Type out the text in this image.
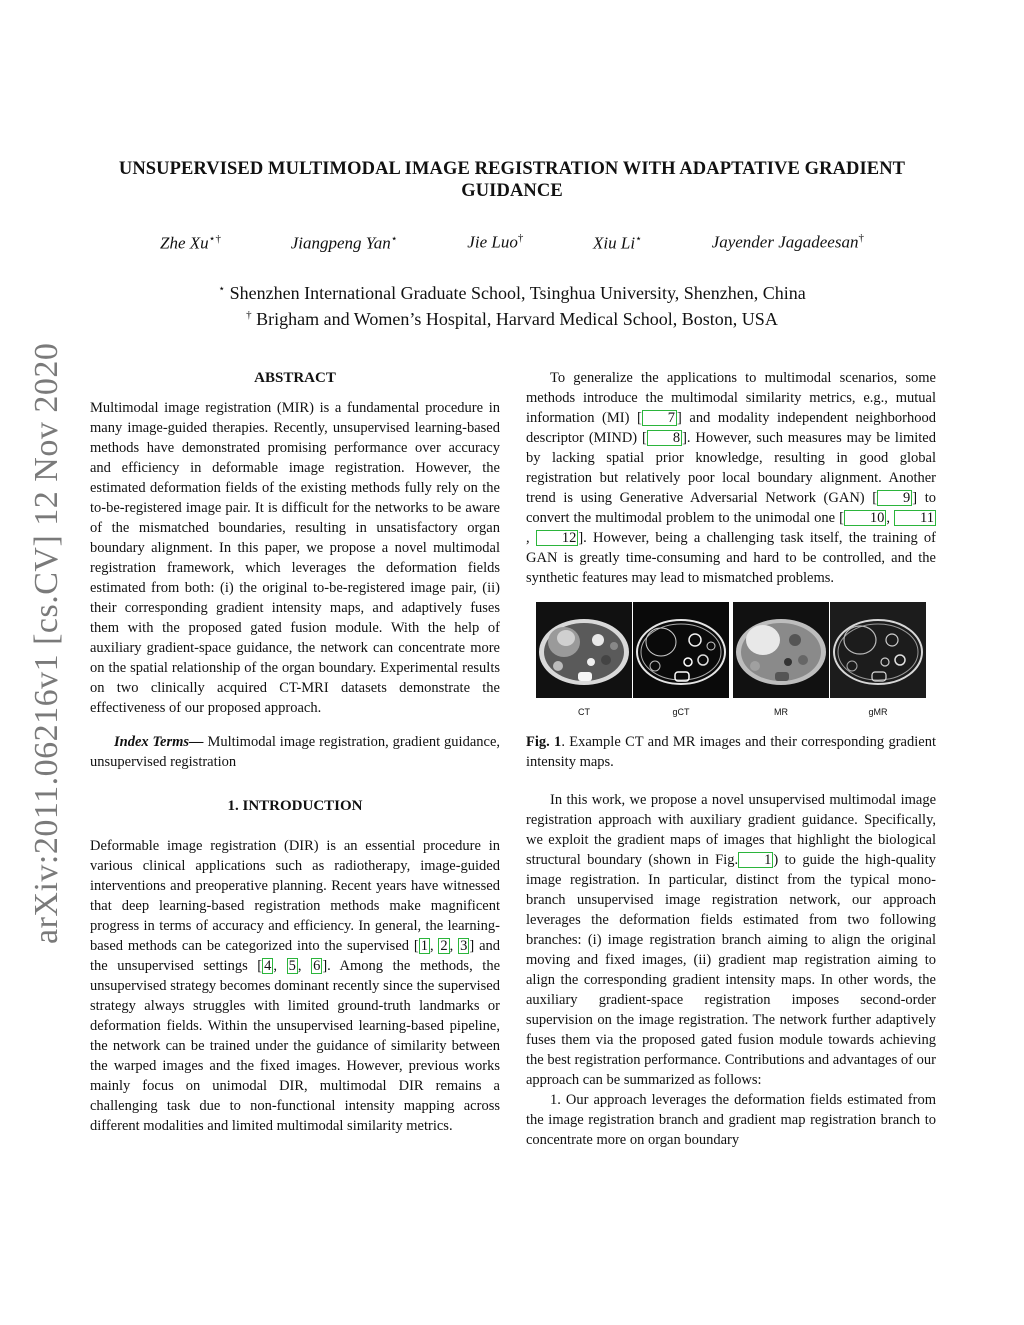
UNSUPERVISED MULTIMODAL IMAGE REGISTRATION WITH ADAPTATIVE GRADIENT
GUIDANCE
Zhe Xu⋆†	Jiangpeng Yan⋆	Jie Luo†	Xiu Li⋆	Jayender Jagadeesan†
⋆ Shenzhen International Graduate School, Tsinghua University, Shenzhen, China
† Brigham and Women’s Hospital, Harvard Medical School, Boston, USA
arXiv:2011.06216v1 [cs.CV] 12 Nov 2020	ABSTRACT

Multimodal image registration (MIR) is a fundamental procedure in many image-guided therapies. Recently, unsupervised learning-based methods have demonstrated promising performance over accuracy and efficiency in deformable image registration. However, the estimated deformation fields of the existing methods fully rely on the to-be-registered image pair. It is difficult for the networks to be aware of the mismatched boundaries, resulting in unsatisfactory organ boundary alignment. In this paper, we propose a novel multimodal registration framework, which leverages the deformation fields estimated from both: (i) the original to-be-registered image pair, (ii) their corresponding gradient intensity maps, and adaptively fuses them with the proposed gated fusion module. With the help of auxiliary gradient-space guidance, the network can concentrate more on the spatial relationship of the organ boundary. Experimental results on two clinically acquired CT-MRI datasets demonstrate the effectiveness of our proposed approach.

Index Terms— Multimodal image registration, gradient guidance, unsupervised registration

1. INTRODUCTION

Deformable image registration (DIR) is an essential procedure in various clinical applications such as radiotherapy, image-guided interventions and preoperative planning. Recent years have witnessed that deep learning-based registration methods make magnificent progress in terms of accuracy and efficiency. In general, the learning-based methods can be categorized into the supervised [ 1 , 2 , 3 ] and the unsupervised settings [ 4 , 5 , 6 ]. Among the methods, the unsupervised strategy becomes dominant recently since the supervised strategy always struggles with limited ground-truth landmarks or deformation fields. Within the unsupervised learning-based pipeline, the network can be trained under the guidance of similarity between the warped images and the fixed images. However, previous works mainly focus on unimodal DIR, multimodal DIR remains a challenging task due to non-functional intensity mapping across different modalities and limited multimodal similarity metrics.

To generalize the applications to multimodal scenarios, some methods introduce the multimodal similarity metrics, e.g., mutual information (MI) [ 7 ] and modality independent neighborhood descriptor (MIND) [ 8 ]. However, such measures may be limited by lacking spatial prior knowledge, resulting in good global registration but relatively poor local boundary alignment. Another trend is using Generative Adversarial Network (GAN) [ 9 ] to convert the multimodal problem to the unimodal one [ 10 , 11, 12 ]. However, being a challenging task itself, the training of GAN is greatly time-consuming and hard to be controlled, and the synthetic features may lead to mismatched problems.

CT	gCT	MR	gMR

Fig. 1. Example CT and MR images and their corresponding gradient intensity maps.

In this work, we propose a novel unsupervised multimodal image registration approach with auxiliary gradient guidance. Specifically, we exploit the gradient maps of images that highlight the biological structural boundary (shown in Fig. 1 ) to guide the high-quality image registration. In particular, distinct from the typical mono-branch unsupervised image registration network, our approach leverages the deformation fields estimated from two following branches: (i) image registration branch aiming to align the original moving and fixed images, (ii) gradient map registration aiming to align the corresponding gradient intensity maps. In other words, the auxiliary gradient-space registration imposes second-order supervision on the image registration. The network further adaptively fuses them via the proposed gated fusion module towards achieving the best registration performance. Contributions and advantages of our approach can be summarized as follows:

1. Our approach leverages the deformation fields estimated from the image registration branch and gradient map registration branch to concentrate more on organ boundary
